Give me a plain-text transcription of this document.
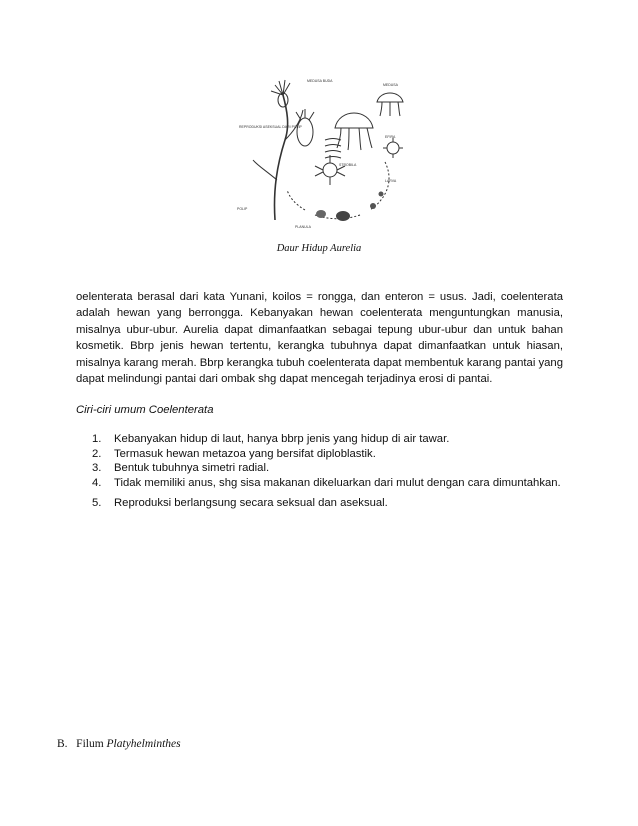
MEDUSA BUDA
MEDUSA
REPRODUKSI ASEKSUAL DARI POLIP
EFIRA
POLIP
STROBILA
LARVA
PLANULA
Daur Hidup Aurelia

oelenterata berasal dari kata Yunani, koilos = rongga, dan enteron = usus. Jadi, coelenterata adalah hewan yang berrongga. Kebanyakan hewan coelenterata menguntungkan manusia, misalnya ubur-ubur. Aurelia dapat dimanfaatkan sebagai tepung ubur-ubur dan untuk bahan kosmetik. Bbrp jenis hewan tertentu, kerangka tubuhnya dapat dimanfaatkan untuk hiasan, misalnya karang merah. Bbrp kerangka tubuh coelenterata dapat membentuk karang pantai yang dapat melindungi pantai dari ombak shg dapat mencegah terjadinya erosi di pantai.

Ciri-ciri umum Coelenterata
1. Kebanyakan hidup di laut, hanya bbrp jenis yang hidup di air tawar.
2. Termasuk hewan metazoa yang bersifat diploblastik.
3. Bentuk tubuhnya simetri radial.
4. Tidak memiliki anus, shg sisa makanan dikeluarkan dari mulut dengan cara dimuntahkan.
5. Reproduksi berlangsung secara seksual dan aseksual.
B. Filum Platyhelminthes
